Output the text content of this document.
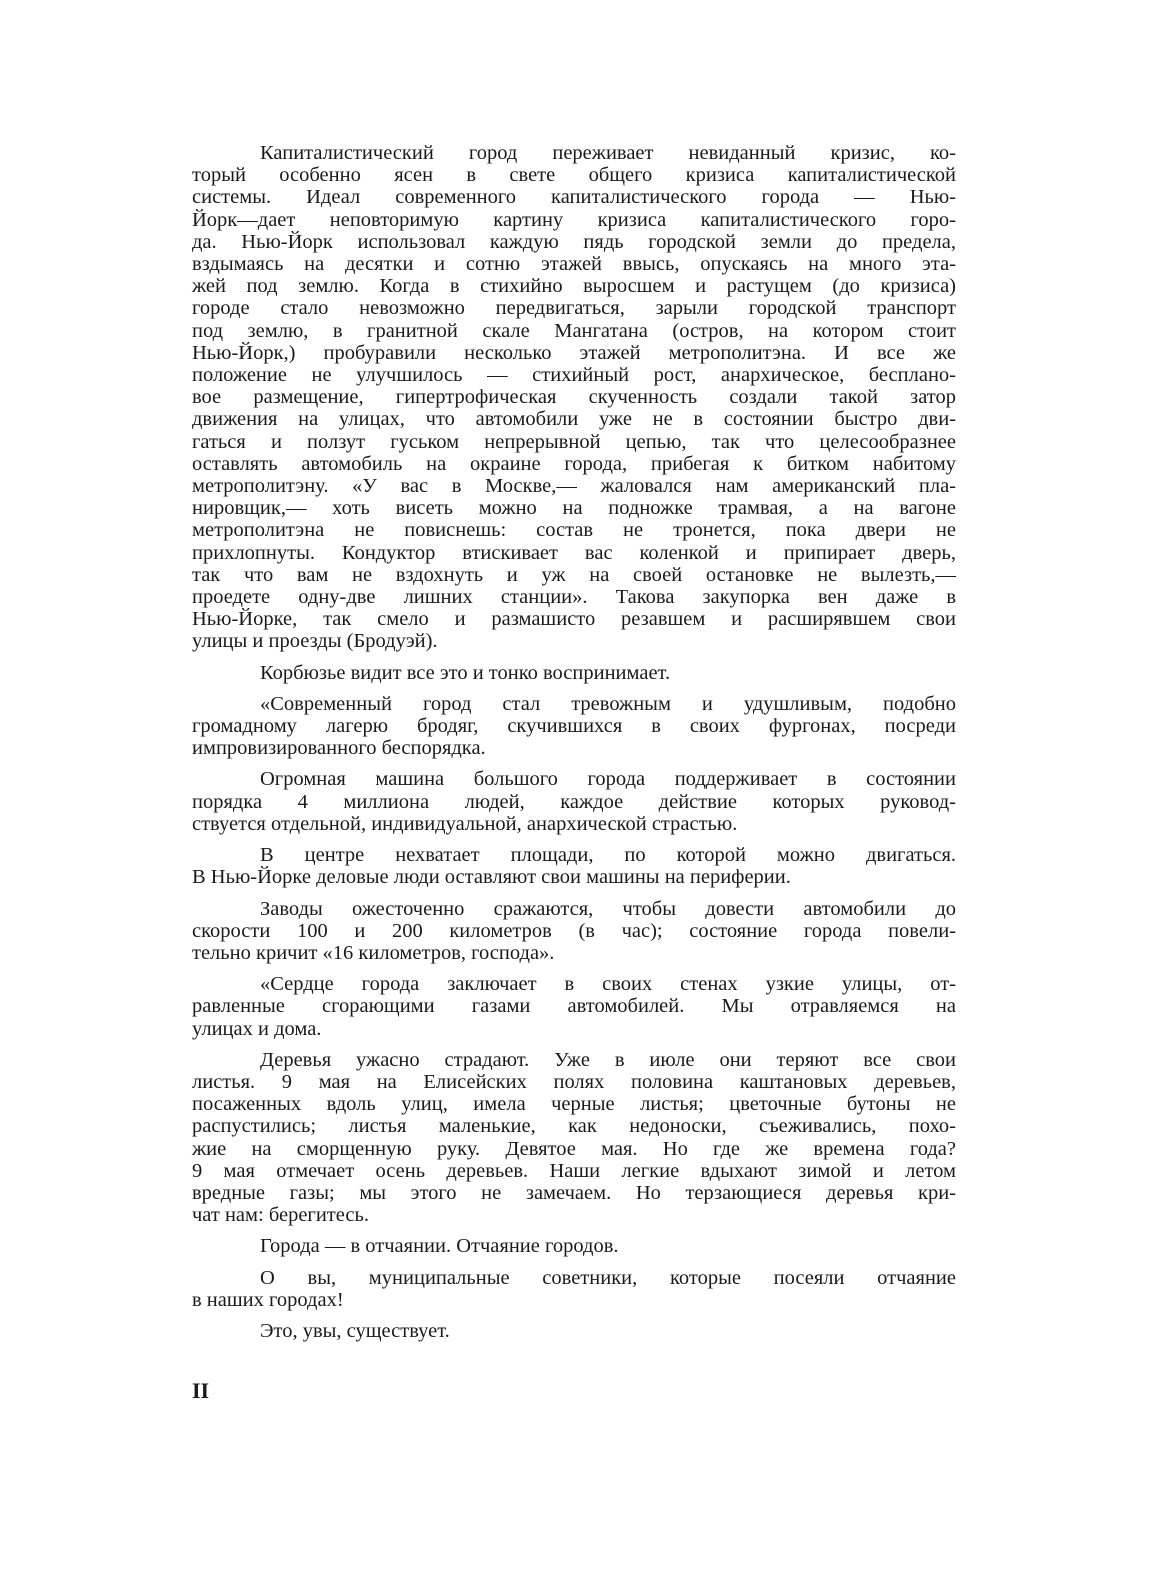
Капиталистический город переживает невиданный кризис, ко-
торый особенно ясен в свете общего кризиса капиталистической
системы. Идеал современного капиталистического города — Нью-
Йорк—дает неповторимую картину кризиса капиталистического горо-
да. Нью-Йорк использовал каждую пядь городской земли до предела,
вздымаясь на десятки и сотню этажей ввысь, опускаясь на много эта-
жей под землю. Когда в стихийно выросшем и растущем (до кризиса)
городе стало невозможно передвигаться, зарыли городской транспорт
под землю, в гранитной скале Мангатана (остров, на котором стоит
Нью-Йорк,) пробуравили несколько этажей метрополитэна. И все же
положение не улучшилось — стихийный рост, анархическое, бесплано-
вое размещение, гипертрофическая скученность создали такой затор
движения на улицах, что автомобили уже не в состоянии быстро дви-
гаться и ползут гуськом непрерывной цепью, так что целесообразнее
оставлять автомобиль на окраине города, прибегая к битком набитому
метрополитэну. «У вас в Москве,— жаловался нам американский пла-
нировщик,— хоть висеть можно на подножке трамвая, а на вагоне
метрополитэна не повиснешь: состав не тронется, пока двери не
прихлопнуты. Кондуктор втискивает вас коленкой и припирает дверь,
так что вам не вздохнуть и уж на своей остановке не вылезть,—
проедете одну-две лишних станции». Такова закупорка вен даже в
Нью-Йорке, так смело и размашисто резавшем и расширявшем свои
улицы и проезды (Бродуэй).
Корбюзье видит все это и тонко воспринимает.
«Современный город стал тревожным и удушливым, подобно
громадному лагерю бродяг, скучившихся в своих фургонах, посреди
импровизированного беспорядка.
Огромная машина большого города поддерживает в состоянии
порядка 4 миллиона людей, каждое действие которых руковод-
ствуется отдельной, индивидуальной, анархической страстью.
В центре нехватает площади, по которой можно двигаться.
В Нью-Йорке деловые люди оставляют свои машины на периферии.
Заводы ожесточенно сражаются, чтобы довести автомобили до
скорости 100 и 200 километров (в час); состояние города повели-
тельно кричит «16 километров, господа».
«Сердце города заключает в своих стенах узкие улицы, от-
равленные сгорающими газами автомобилей. Мы отравляемся на
улицах и дома.
Деревья ужасно страдают. Уже в июле они теряют все свои
листья. 9 мая на Елисейских полях половина каштановых деревьев,
посаженных вдоль улиц, имела черные листья; цветочные бутоны не
распустились; листья маленькие, как недоноски, съеживались, похо-
жие на сморщенную руку. Девятое мая. Но где же времена года?
9 мая отмечает осень деревьев. Наши легкие вдыхают зимой и летом
вредные газы; мы этого не замечаем. Но терзающиеся деревья кри-
чат нам: берегитесь.
Города — в отчаянии. Отчаяние городов.
О вы, муниципальные советники, которые посеяли отчаяние
в наших городах!
Это, увы, существует.
II
